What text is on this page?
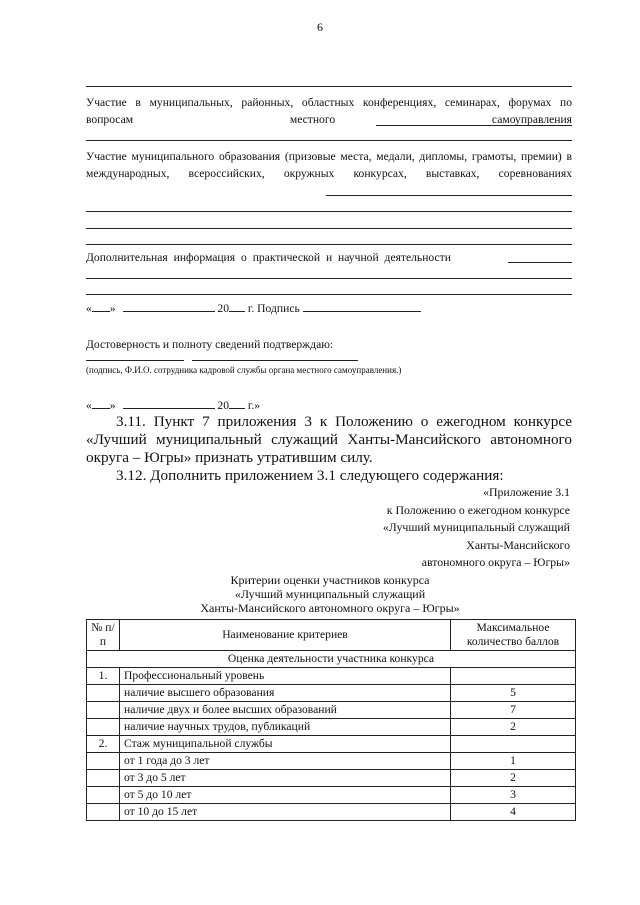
6
Участие в муниципальных, районных, областных конференциях, семинарах, форумах по вопросам местного самоуправления
Участие муниципального образования (призовые места, медали, дипломы, грамоты, премии) в международных, всероссийских, окружных конкурсах, выставках, соревнованиях
Дополнительная информация о практической и научной деятельности
« »	20 г. Подпись
Достоверность и полноту сведений подтверждаю:
(подпись, Ф.И.О. сотрудника кадровой службы органа местного самоуправления.)
« »	20 г.»
3.11. Пункт 7 приложения 3 к Положению о ежегодном конкурсе «Лучший муниципальный служащий Ханты-Мансийского автономного округа – Югры» признать утратившим силу.
3.12. Дополнить приложением 3.1 следующего содержания:
«Приложение 3.1
к Положению о ежегодном конкурсе
«Лучший муниципальный служащий
Ханты-Мансийского
автономного округа – Югры»
Критерии оценки участников конкурса
«Лучший муниципальный служащий
Ханты-Мансийского автономного округа – Югры»
№ п/п	Наименование критериев	Максимальное количество баллов
Оценка деятельности участника конкурса		
1.	Профессиональный уровень	
	наличие высшего образования	5
	наличие двух и более высших образований	7
	наличие научных трудов, публикаций	2
2.	Стаж муниципальной службы	
	от 1 года до 3 лет	1
	от 3 до 5 лет	2
	от 5 до 10 лет	3
	от 10 до 15 лет	4
